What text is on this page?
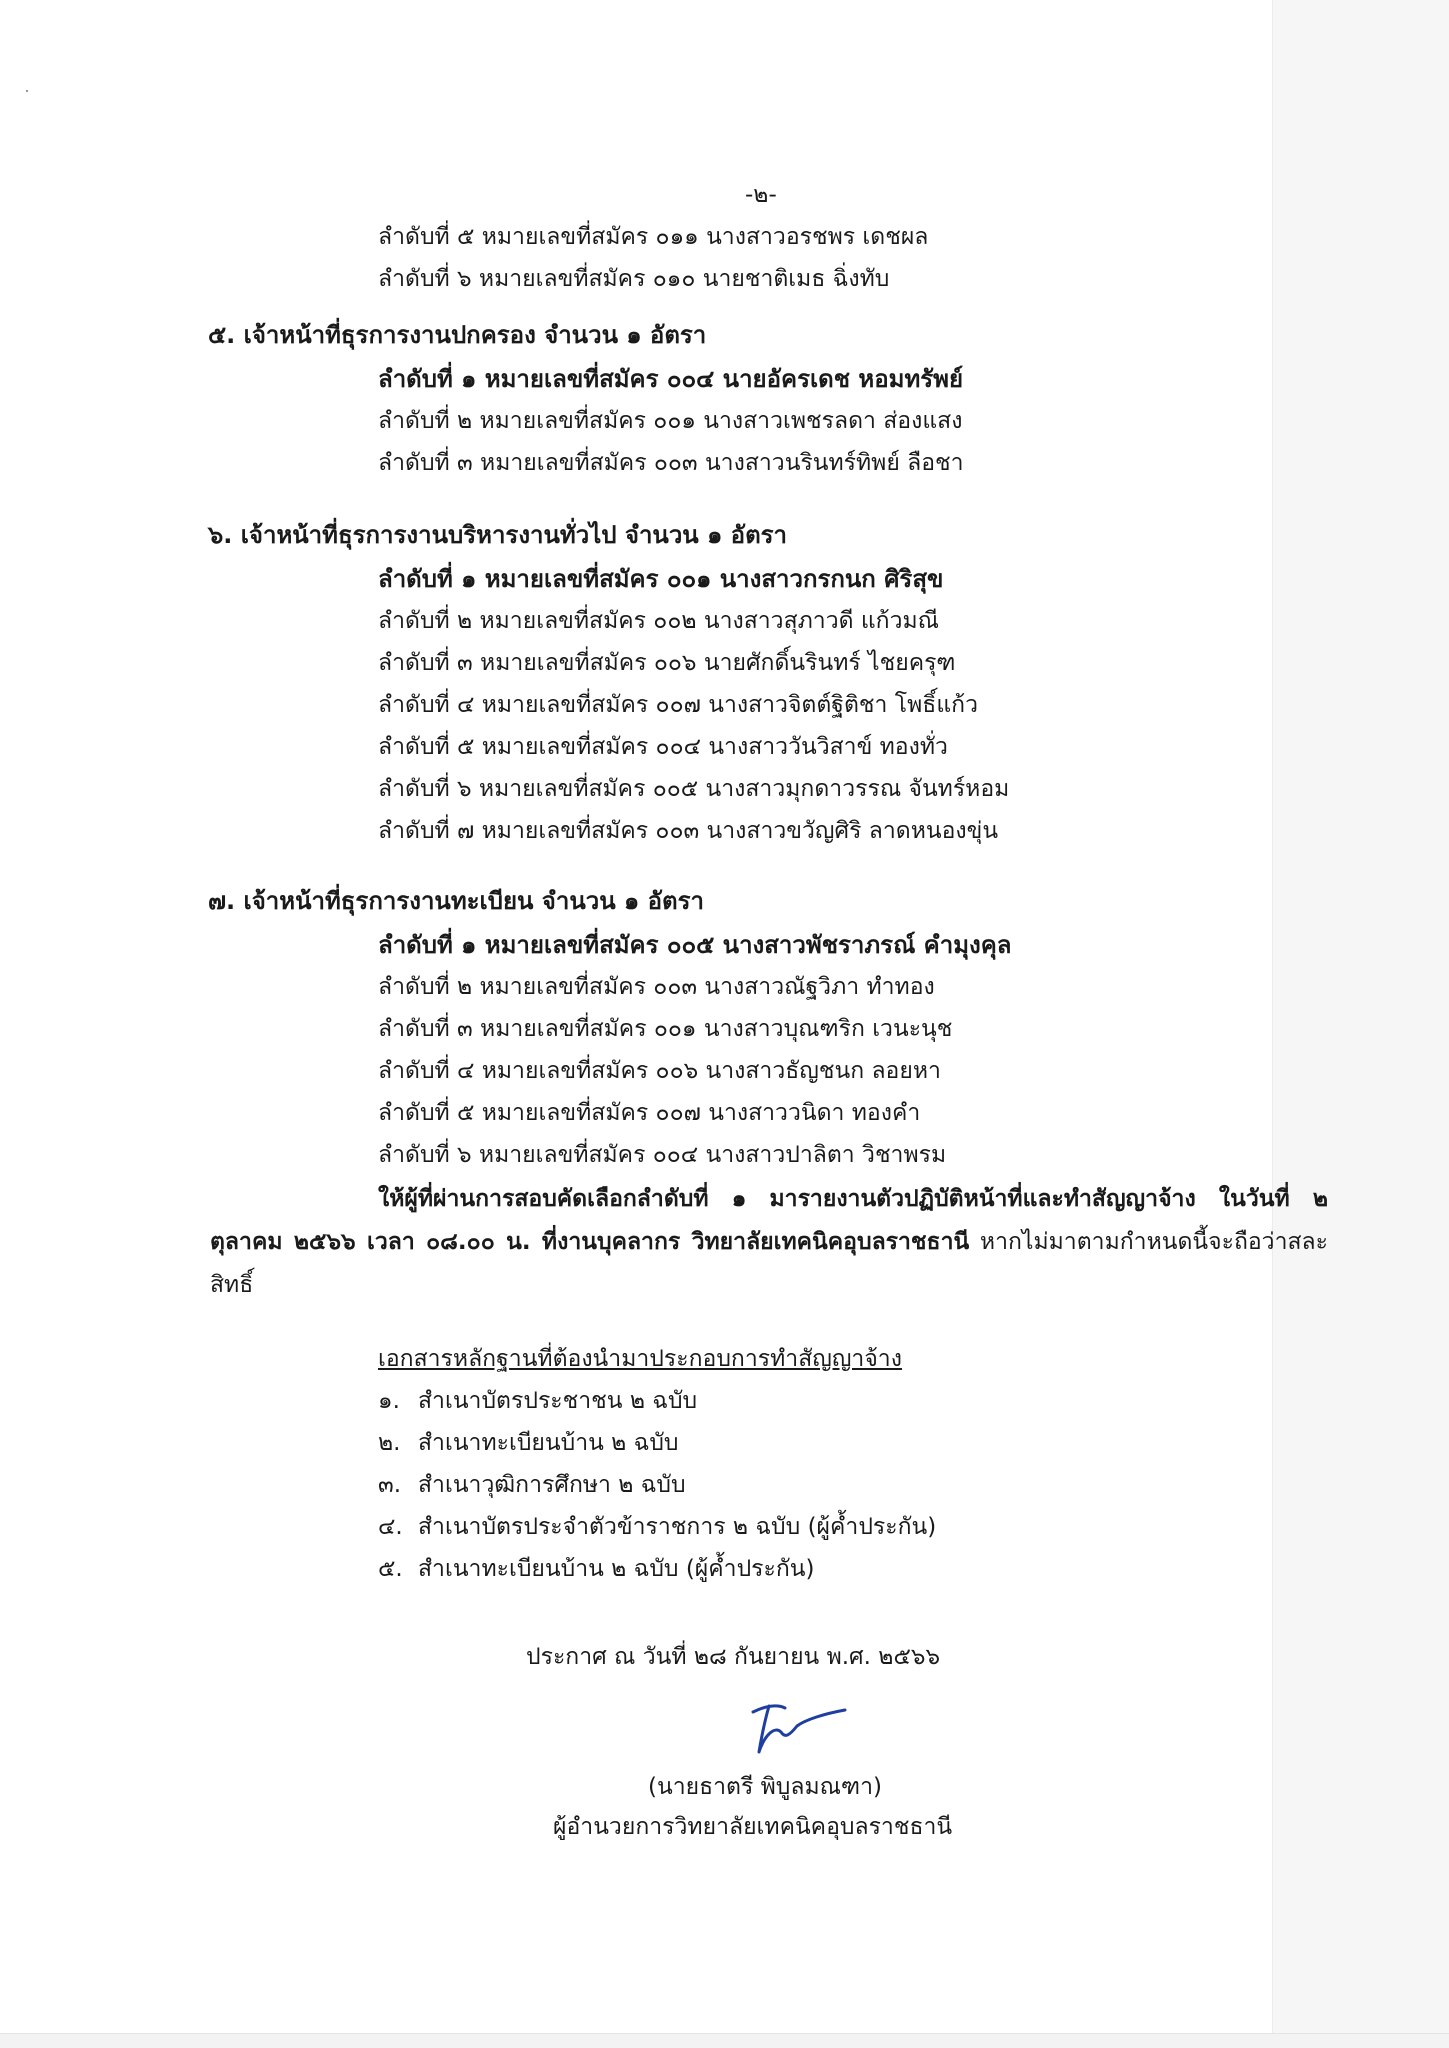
-๒-
ลำดับที่ ๕ หมายเลขที่สมัคร ๐๑๑ นางสาวอรชพร เดชผล
ลำดับที่ ๖ หมายเลขที่สมัคร ๐๑๐ นายชาติเมธ ฉิ่งทับ
๕. เจ้าหน้าที่ธุรการงานปกครอง จำนวน ๑ อัตรา
ลำดับที่ ๑ หมายเลขที่สมัคร ๐๐๔ นายอัครเดช หอมทรัพย์
ลำดับที่ ๒ หมายเลขที่สมัคร ๐๐๑ นางสาวเพชรลดา ส่องแสง
ลำดับที่ ๓ หมายเลขที่สมัคร ๐๐๓ นางสาวนรินทร์ทิพย์ ลือชา
๖. เจ้าหน้าที่ธุรการงานบริหารงานทั่วไป จำนวน ๑ อัตรา
ลำดับที่ ๑ หมายเลขที่สมัคร ๐๐๑ นางสาวกรกนก ศิริสุข
ลำดับที่ ๒ หมายเลขที่สมัคร ๐๐๒ นางสาวสุภาวดี แก้วมณี
ลำดับที่ ๓ หมายเลขที่สมัคร ๐๐๖ นายศักดิ์นรินทร์ ไชยครุฑ
ลำดับที่ ๔ หมายเลขที่สมัคร ๐๐๗ นางสาวจิตต์ฐิติชา โพธิ์แก้ว
ลำดับที่ ๕ หมายเลขที่สมัคร ๐๐๔ นางสาววันวิสาข์ ทองทั่ว
ลำดับที่ ๖ หมายเลขที่สมัคร ๐๐๕ นางสาวมุกดาวรรณ จันทร์หอม
ลำดับที่ ๗ หมายเลขที่สมัคร ๐๐๓ นางสาวขวัญศิริ ลาดหนองขุ่น
๗. เจ้าหน้าที่ธุรการงานทะเบียน จำนวน ๑ อัตรา
ลำดับที่ ๑ หมายเลขที่สมัคร ๐๐๕ นางสาวพัชราภรณ์ คำมุงคุล
ลำดับที่ ๒ หมายเลขที่สมัคร ๐๐๓ นางสาวณัฐวิภา ทำทอง
ลำดับที่ ๓ หมายเลขที่สมัคร ๐๐๑ นางสาวบุณฑริก เวนะนุช
ลำดับที่ ๔ หมายเลขที่สมัคร ๐๐๖ นางสาวธัญชนก ลอยหา
ลำดับที่ ๕ หมายเลขที่สมัคร ๐๐๗ นางสาววนิดา ทองคำ
ลำดับที่ ๖ หมายเลขที่สมัคร ๐๐๔ นางสาวปาลิตา วิชาพรม
ให้ผู้ที่ผ่านการสอบคัดเลือกลำดับที่ ๑ มารายงานตัวปฏิบัติหน้าที่และทำสัญญาจ้าง ในวันที่ ๒ ตุลาคม ๒๕๖๖ เวลา ๐๘.๐๐ น. ที่งานบุคลากร วิทยาลัยเทคนิคอุบลราชธานี หากไม่มาตามกำหนดนี้จะถือว่าสละสิทธิ์
เอกสารหลักฐานที่ต้องนำมาประกอบการทำสัญญาจ้าง
๑. สำเนาบัตรประชาชน ๒ ฉบับ
๒. สำเนาทะเบียนบ้าน ๒ ฉบับ
๓. สำเนาวุฒิการศึกษา ๒ ฉบับ
๔. สำเนาบัตรประจำตัวข้าราชการ ๒ ฉบับ (ผู้ค้ำประกัน)
๕. สำเนาทะเบียนบ้าน ๒ ฉบับ (ผู้ค้ำประกัน)
ประกาศ ณ วันที่ ๒๘ กันยายน พ.ศ. ๒๕๖๖
(นายธาตรี พิบูลมณฑา)
ผู้อำนวยการวิทยาลัยเทคนิคอุบลราชธานี
